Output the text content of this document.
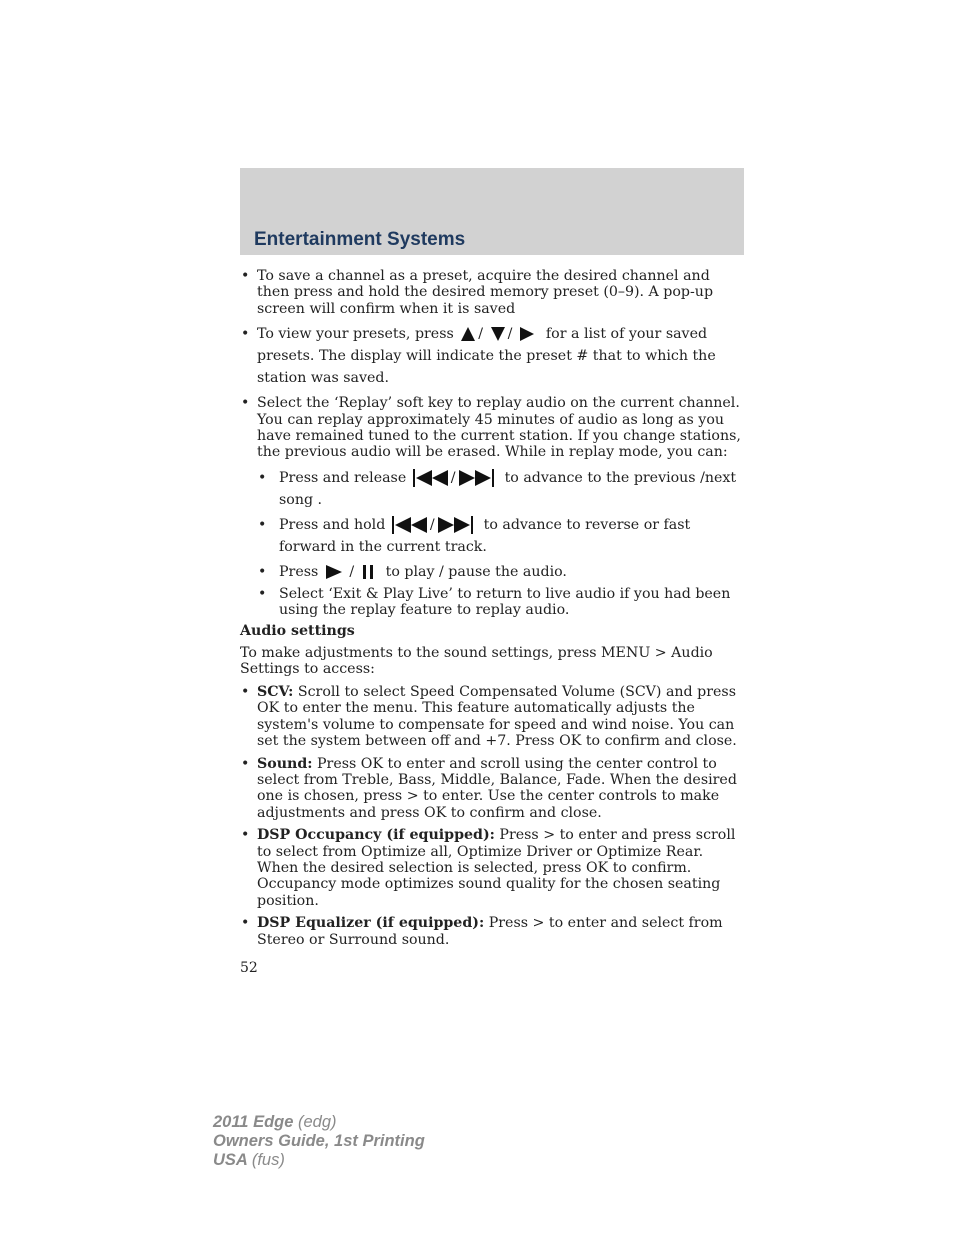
Entertainment Systems
• To save a channel as a preset, acquire the desired channel and then press and hold the desired memory preset (0–9). A pop-up screen will confirm when it is saved
• To view your presets, press / / for a list of your saved presets. The display will indicate the preset # that to which the station was saved.
• Select the ‘Replay’ soft key to replay audio on the current channel. You can replay approximately 45 minutes of audio as long as you have remained tuned to the current station. If you change stations, the previous audio will be erased. While in replay mode, you can:
• Press and release	/	to advance to the previous /next song .
• Press and hold	/	to advance to reverse or fast forward in the current track.
• Press / to play / pause the audio.
• Select ‘Exit & Play Live’ to return to live audio if you had been using the replay feature to replay audio.
Audio settings
To make adjustments to the sound settings, press MENU > Audio Settings to access:
• SCV: Scroll to select Speed Compensated Volume (SCV) and press OK to enter the menu. This feature automatically adjusts the system's volume to compensate for speed and wind noise. You can set the system between off and +7. Press OK to confirm and close.
• Sound: Press OK to enter and scroll using the center control to select from Treble, Bass, Middle, Balance, Fade. When the desired one is chosen, press > to enter. Use the center controls to make adjustments and press OK to confirm and close.
• DSP Occupancy (if equipped): Press > to enter and press scroll to select from Optimize all, Optimize Driver or Optimize Rear. When the desired selection is selected, press OK to confirm. Occupancy mode optimizes sound quality for the chosen seating position.
• DSP Equalizer (if equipped): Press > to enter and select from Stereo or Surround sound.
52
2011 Edge (edg)
Owners Guide, 1st Printing
USA (fus)
